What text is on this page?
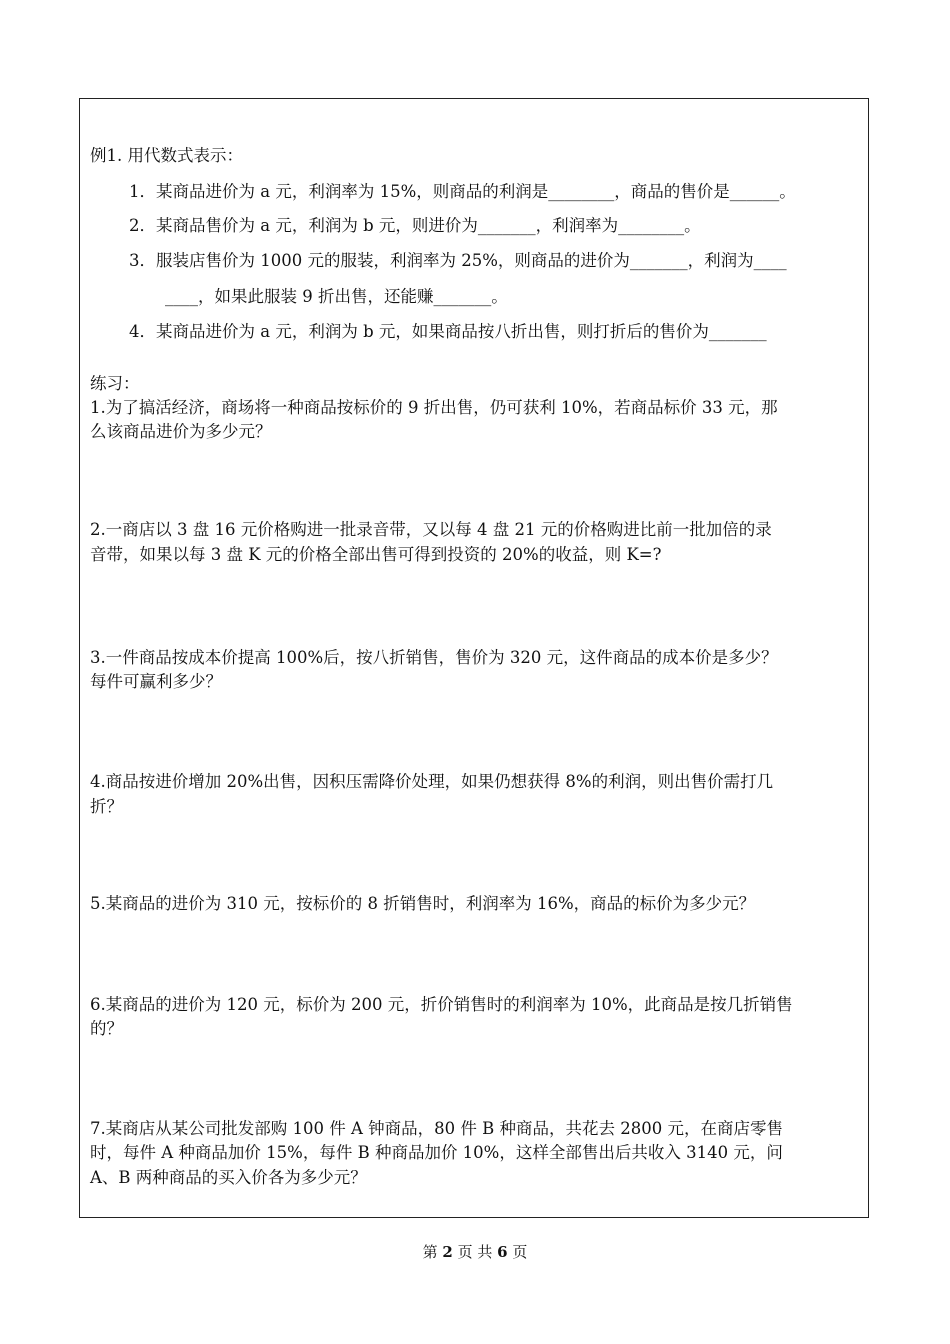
例1. 用代数式表示：
1．某商品进价为 a 元，利润率为 15%，则商品的利润是________，商品的售价是______。
2．某商品售价为 a 元，利润为 b 元，则进价为_______，利润率为________。
3．服装店售价为 1000 元的服装，利润率为 25%，则商品的进价为_______，利润为____
____，如果此服装 9 折出售，还能赚_______。
4．某商品进价为 a 元，利润为 b 元，如果商品按八折出售，则打折后的售价为_______
练习：
1.为了搞活经济，商场将一种商品按标价的 9 折出售，仍可获利 10%，若商品标价 33 元，那
么该商品进价为多少元？
2.一商店以 3 盘 16 元价格购进一批录音带，又以每 4 盘 21 元的价格购进比前一批加倍的录
音带，如果以每 3 盘 K 元的价格全部出售可得到投资的 20%的收益，则 K=?
3.一件商品按成本价提高 100%后，按八折销售，售价为 320 元，这件商品的成本价是多少？
每件可赢利多少？
4.商品按进价增加 20%出售，因积压需降价处理，如果仍想获得 8%的利润，则出售价需打几
折？
5.某商品的进价为 310 元，按标价的 8 折销售时，利润率为 16%，商品的标价为多少元？
6.某商品的进价为 120 元，标价为 200 元，折价销售时的利润率为 10%，此商品是按几折销售
的？
7.某商店从某公司批发部购 100 件 A 钟商品，80 件 B 种商品，共花去 2800 元，在商店零售
时，每件 A 种商品加价 15%，每件 B 种商品加价 10%，这样全部售出后共收入 3140 元，问
A、B 两种商品的买入价各为多少元？
第 2 页 共 6 页
